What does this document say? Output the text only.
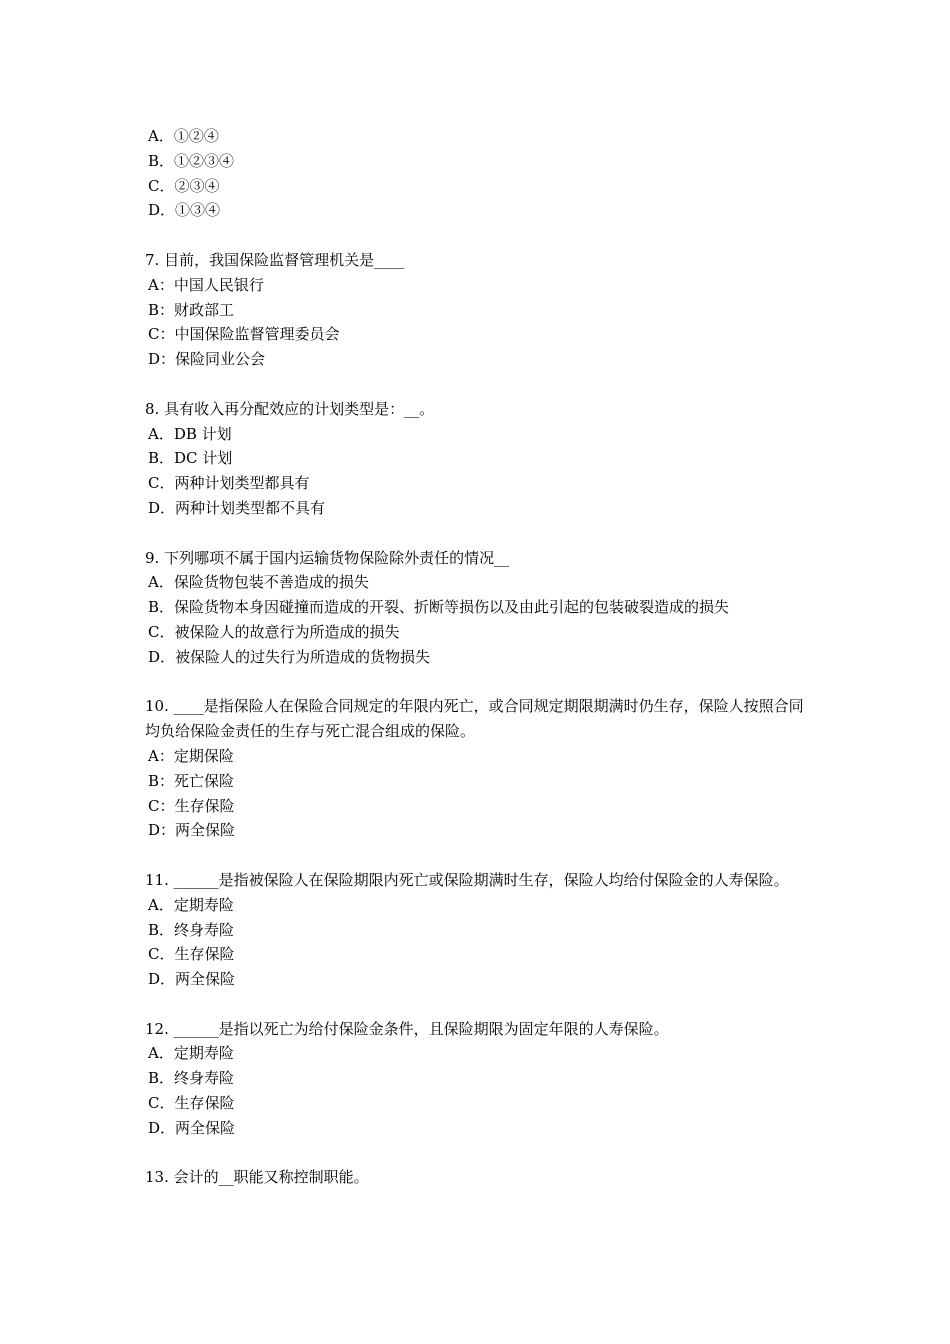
A．①②④

B．①②③④

C．②③④

D．①③④

7. 目前，我国保险监督管理机关是____

A：中国人民银行

B：财政部工

C：中国保险监督管理委员会

D：保险同业公会

8. 具有收入再分配效应的计划类型是：__。

A．DB 计划

B．DC 计划

C．两种计划类型都具有

D．两种计划类型都不具有

9. 下列哪项不属于国内运输货物保险除外责任的情况__

A．保险货物包装不善造成的损失

B．保险货物本身因碰撞而造成的开裂、折断等损伤以及由此引起的包装破裂造成的损失

C．被保险人的故意行为所造成的损失

D．被保险人的过失行为所造成的货物损失

10. ____是指保险人在保险合同规定的年限内死亡，或合同规定期限期满时仍生存，保险人按照合同均负给保险金责任的生存与死亡混合组成的保险。

A：定期保险

B：死亡保险

C：生存保险

D：两全保险

11. ______是指被保险人在保险期限内死亡或保险期满时生存，保险人均给付保险金的人寿保险。

A．定期寿险

B．终身寿险

C．生存保险

D．两全保险

12. ______是指以死亡为给付保险金条件，且保险期限为固定年限的人寿保险。

A．定期寿险

B．终身寿险

C．生存保险

D．两全保险

13. 会计的__职能又称控制职能。
